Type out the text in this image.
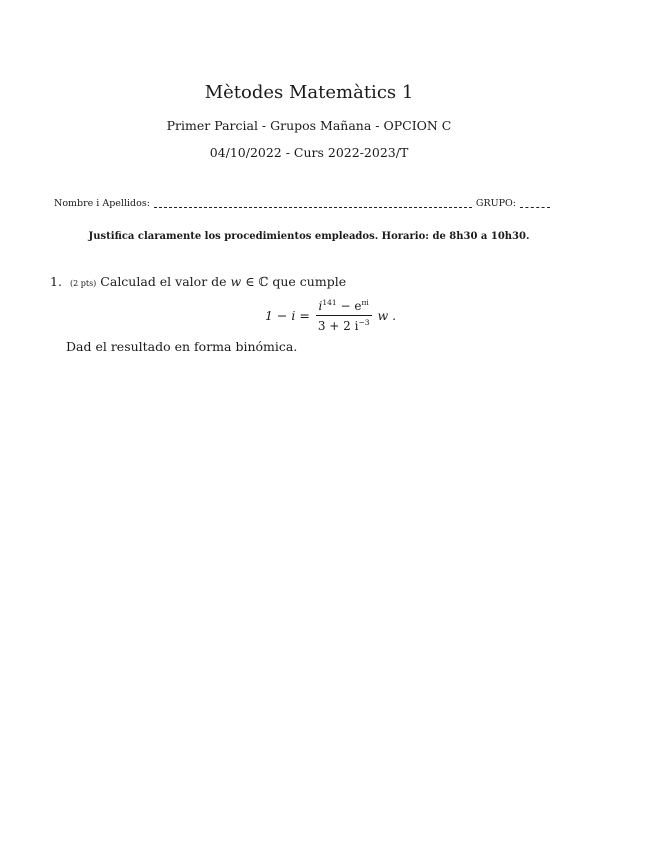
Mètodes Matemàtics 1
Primer Parcial - Grupos Mañana - OPCION C
04/10/2022 - Curs 2022-2023/T
Nombre i Apellidos:	GRUPO:
Justifica claramente los procedimientos empleados. Horario: de 8h30 a 10h30.
1. (2 pts) Calculad el valor de w ∈ ℂ que cumple
$1 - i = \frac{i^{141} - e^{\pi i}}{3 + 2 i^{-3}}$ w .
Dad el resultado en forma binómica.
